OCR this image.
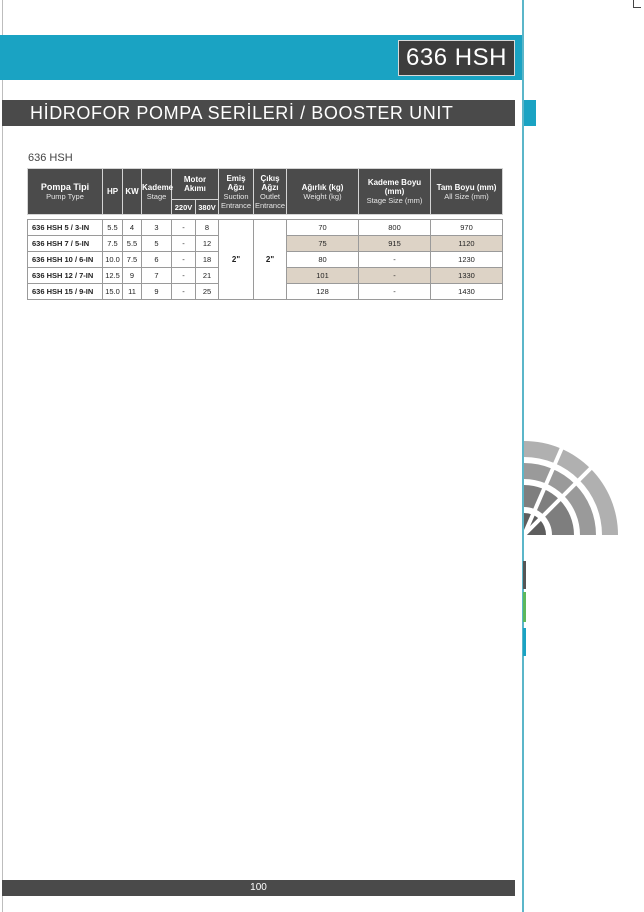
636 HSH
HİDROFOR POMPA SERİLERİ / BOOSTER UNIT SERIES
636 HSH
Pompa Tipi
Pump Type	HP	KW	Kademe
Stage	Motor Akımı		Emiş Ağzı
Suction Entrance	Çıkış Ağzı
Outlet Entrance	Ağırlık (kg)
Weight (kg)	Kademe Boyu (mm)
Stage Size (mm)	Tam Boyu (mm)
All Size (mm)

				220V	380V					

636 HSH 5 / 3-IN	5.5	4	3	-	8	2"	2"	70	800	970
636 HSH 7 / 5-IN	7.5	5.5	5	-	12			75	915	1120
636 HSH 10 / 6-IN	10.0	7.5	6	-	18			80	-	1230
636 HSH 12 / 7-IN	12.5	9	7	-	21			101	-	1330
636 HSH 15 / 9-IN	15.0	11	9	-	25			128	-	1430
100
